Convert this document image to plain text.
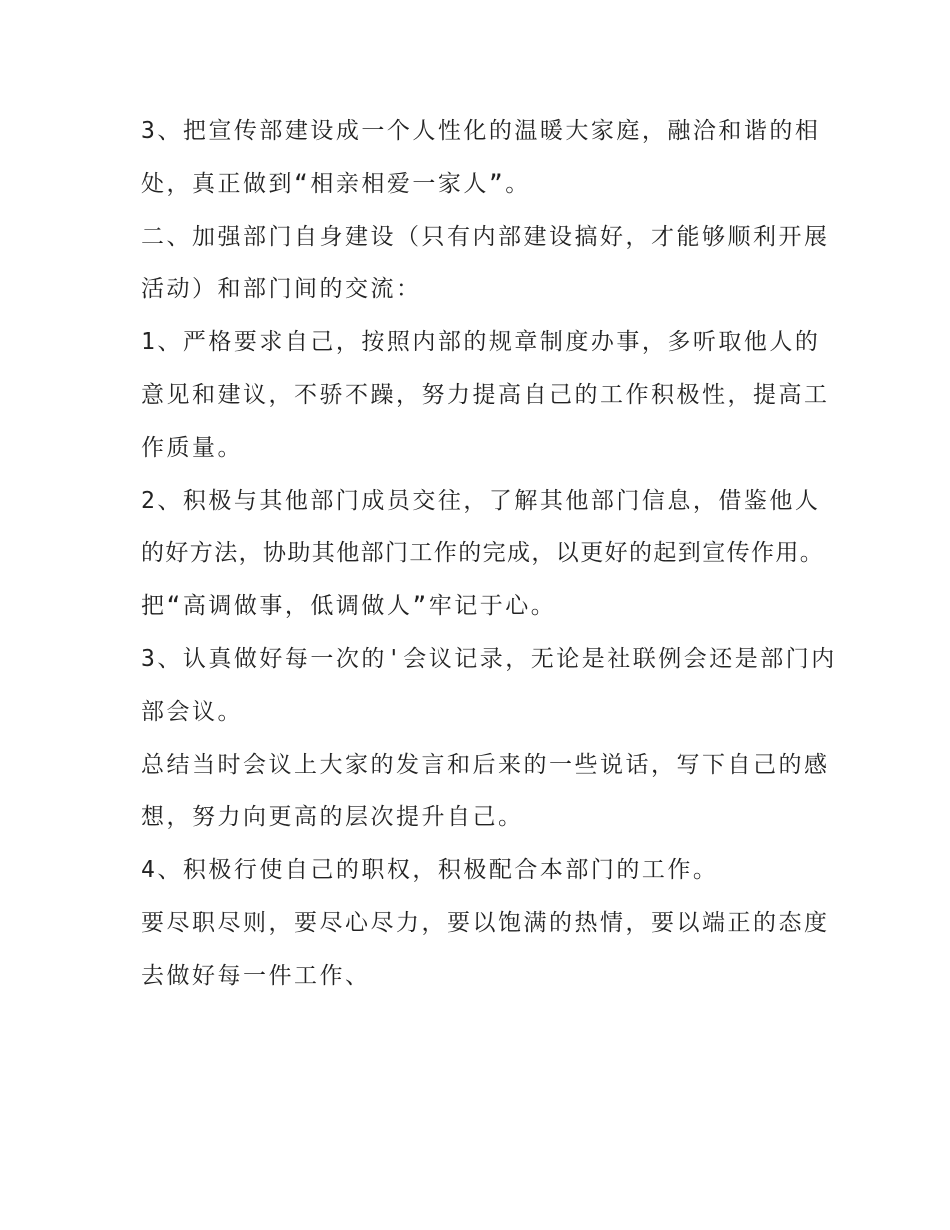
3、把宣传部建设成一个人性化的温暖大家庭，融洽和谐的相
处，真正做到“相亲相爱一家人”。
二、加强部门自身建设（只有内部建设搞好，才能够顺利开展
活动）和部门间的交流：
1、严格要求自己，按照内部的规章制度办事，多听取他人的
意见和建议，不骄不躁，努力提高自己的工作积极性，提高工
作质量。
2、积极与其他部门成员交往，了解其他部门信息，借鉴他人
的好方法，协助其他部门工作的完成，以更好的起到宣传作用。
把“高调做事，低调做人”牢记于心。
3、认真做好每一次的'会议记录，无论是社联例会还是部门内
部会议。
总结当时会议上大家的发言和后来的一些说话，写下自己的感
想，努力向更高的层次提升自己。
4、积极行使自己的职权，积极配合本部门的工作。
要尽职尽则，要尽心尽力，要以饱满的热情，要以端正的态度
去做好每一件工作、
